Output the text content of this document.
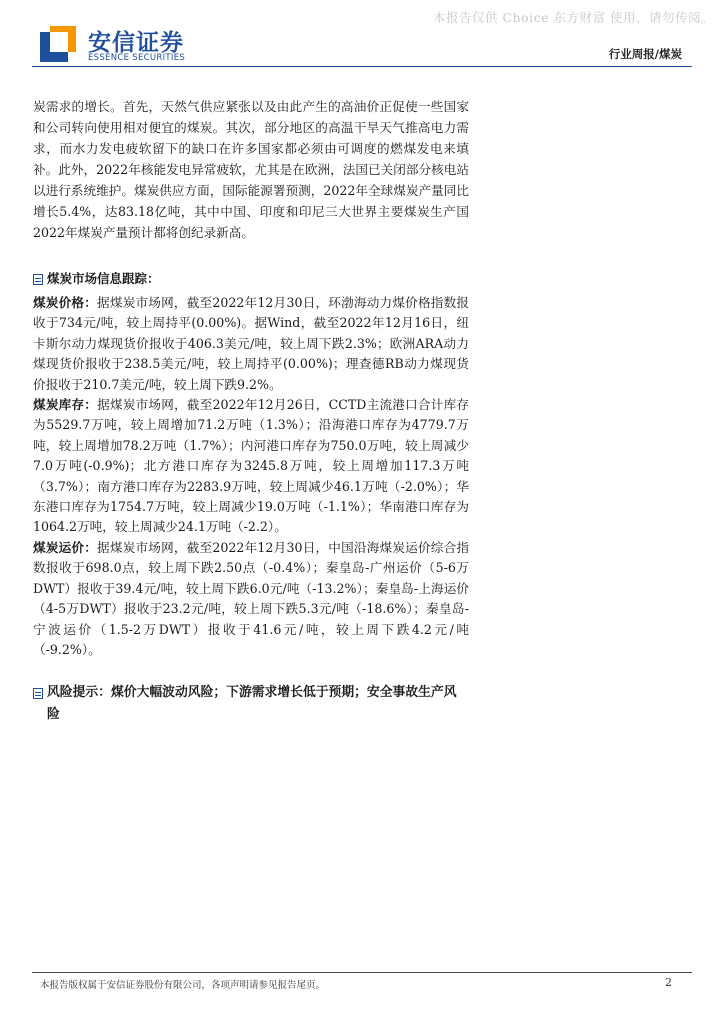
本报告仅供 Choice 东方财富 使用，请勿传阅。
安信证券
ESSENCE SECURITIES	行业周报/煤炭

炭需求的增长。首先，天然气供应紧张以及由此产生的高油价正促使一些国家和公司转向使用相对便宜的煤炭。其次，部分地区的高温干旱天气推高电力需求，而水力发电疲软留下的缺口在许多国家都必须由可调度的燃煤发电来填补。此外，2022年核能发电异常疲软，尤其是在欧洲，法国已关闭部分核电站以进行系统维护。煤炭供应方面，国际能源署预测，2022年全球煤炭产量同比增长5.4%，达83.18亿吨，其中中国、印度和印尼三大世界主要煤炭生产国2022年煤炭产量预计都将创纪录新高。

煤炭市场信息跟踪：

煤炭价格：据煤炭市场网，截至2022年12月30日，环渤海动力煤价格指数报收于734元/吨，较上周持平(0.00%)。据Wind，截至2022年12月16日，纽卡斯尔动力煤现货价报收于406.3美元/吨，较上周下跌2.3%；欧洲ARA动力煤现货价报收于238.5美元/吨，较上周持平(0.00%)；理查德RB动力煤现货价报收于210.7美元/吨，较上周下跌9.2%。

煤炭库存：据煤炭市场网，截至2022年12月26日，CCTD主流港口合计库存为5529.7万吨，较上周增加71.2万吨（1.3%）；沿海港口库存为4779.7万吨，较上周增加78.2万吨（1.7%）；内河港口库存为750.0万吨，较上周减少7.0万吨(-0.9%)；北方港口库存为3245.8万吨，较上周增加117.3万吨（3.7%）；南方港口库存为2283.9万吨，较上周减少46.1万吨（-2.0%）；华东港口库存为1754.7万吨，较上周减少19.0万吨（-1.1%）；华南港口库存为1064.2万吨，较上周减少24.1万吨（-2.2）。

煤炭运价：据煤炭市场网，截至2022年12月30日，中国沿海煤炭运价综合指数报收于698.0点，较上周下跌2.50点（-0.4%）；秦皇岛-广州运价（5-6万DWT）报收于39.4元/吨，较上周下跌6.0元/吨（-13.2%）；秦皇岛-上海运价（4-5万DWT）报收于23.2元/吨，较上周下跌5.3元/吨（-18.6%）；秦皇岛-宁波运价（1.5-2万DWT）报收于41.6元/吨，较上周下跌4.2元/吨（-9.2%）。

风险提示：煤价大幅波动风险；下游需求增长低于预期；安全事故生产风险
本报告版权属于安信证券股份有限公司，各项声明请参见报告尾页。	2
